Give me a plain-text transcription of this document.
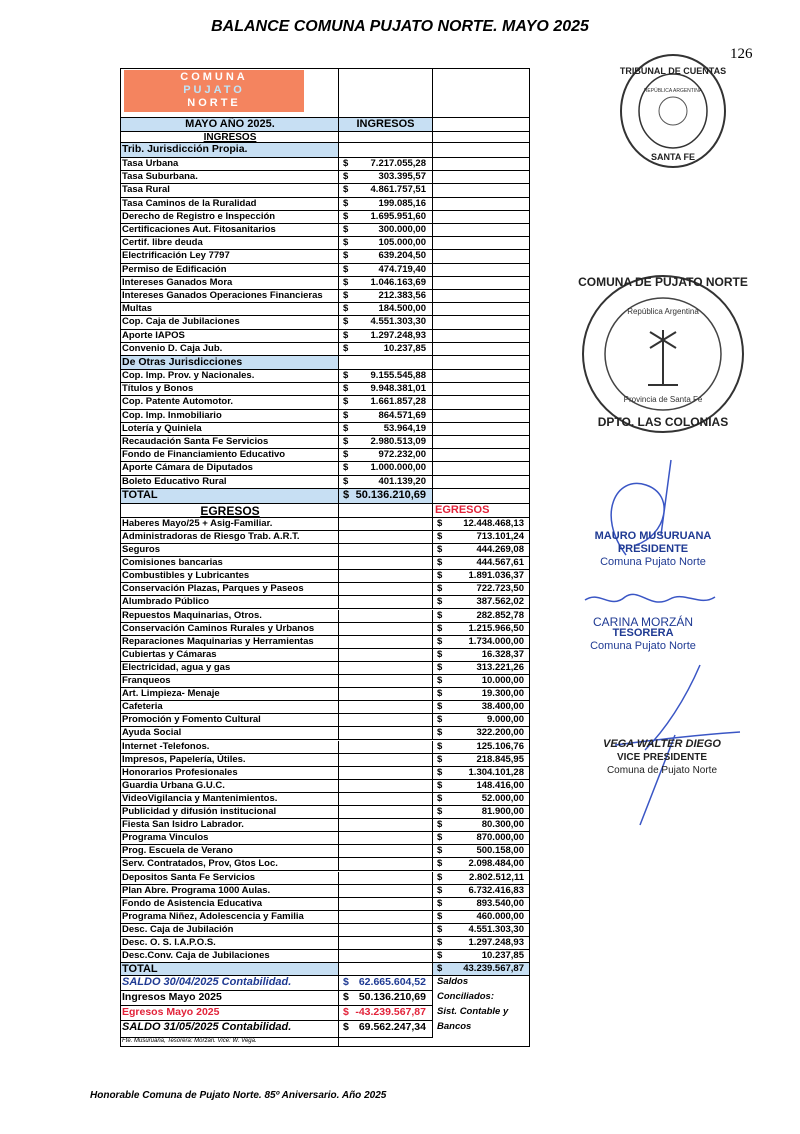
BALANCE COMUNA PUJATO NORTE. MAYO 2025
126
COMUNA
PUJATO
NORTE
MAYO AÑO 2025.	INGRESOS
INGRESOS
Trib. Jurisdicción Propia.
Tasa Urbana	$ 7.217.055,28
Tasa Suburbana.	$	303.395,57
Tasa Rural	$ 4.861.757,51
Tasa Caminos de la Ruralidad	$	199.085,16
Derecho de Registro e Inspección	$ 1.695.951,60
Certificaciones Aut. Fitosanitarios	$	300.000,00
Certif. libre deuda	$	105.000,00
Electrificación Ley 7797	$	639.204,50
Permiso de Edificación	$	474.719,40
Intereses Ganados Mora	$ 1.046.163,69
Intereses Ganados Operaciones Financieras	$	212.383,56
Multas	$	184.500,00
Cop. Caja de Jubilaciones	$ 4.551.303,30
Aporte IAPOS	$ 1.297.248,93
Convenio D. Caja Jub.	$	10.237,85
De Otras Jurisdicciones
Cop. Imp. Prov. y Nacionales.	$ 9.155.545,88
Títulos y Bonos	$ 9.948.381,01
Cop. Patente Automotor.	$ 1.661.857,28
Cop. Imp. Inmobiliario	$	864.571,69
Lotería y Quiniela	$	53.964,19
Recaudación Santa Fe Servicios	$ 2.980.513,09
Fondo de Financiamiento Educativo	$	972.232,00
Aporte Cámara de Diputados	$ 1.000.000,00
Boleto Educativo Rural	$	401.139,20
TOTAL	$ 50.136.210,69
EGRESOS	EGRESOS
Haberes Mayo/25 + Asig-Familiar.	$ 12.448.468,13
Administradoras de Riesgo Trab. A.R.T.	$	713.101,24
Seguros	$	444.269,08
Comisiones bancarias	$	444.567,61
Combustibles y Lubricantes	$	1.891.036,37
Conservación Plazas, Parques y Paseos	$	722.723,50
Alumbrado Público	$	387.562,02
Repuestos Maquinarias, Otros.	$	282.852,78
Conservación Caminos Rurales y Urbanos	$	1.215.966,50
Reparaciones Maquinarias y Herramientas	$	1.734.000,00
Cubiertas y Cámaras	$	16.328,37
Electricidad, agua y gas	$	313.221,26
Franqueos	$	10.000,00
Art. Limpieza- Menaje	$	19.300,00
Cafeteria	$	38.400,00
Promoción y Fomento Cultural	$	9.000,00
Ayuda Social	$	322.200,00
Internet -Telefonos.	$	125.106,76
Impresos, Papelería, Útiles.	$	218.845,95
Honorarios Profesionales	$	1.304.101,28
Guardia Urbana G.U.C.	$	148.416,00
VideoVigilancia y Mantenimientos.	$	52.000,00
Publicidad y difusión institucional	$	81.900,00
Fiesta San Isidro Labrador.	$	80.300,00
Programa Vinculos	$	870.000,00
Prog. Escuela de Verano	$	500.158,00
Serv. Contratados, Prov, Gtos Loc.	$	2.098.484,00
Depositos Santa Fe Servicios	$	2.802.512,11
Plan Abre. Programa 1000 Aulas.	$	6.732.416,83
Fondo de Asistencia Educativa	$	893.540,00
Programa Niñez, Adolescencia y Familia	$	460.000,00
Desc. Caja de Jubilación	$	4.551.303,30
Desc. O. S. I.A.P.O.S.	$	1.297.248,93
Desc.Conv. Caja de Jubilaciones	$	10.237,85
TOTAL	$ 43.239.567,87
SALDO 30/04/2025 Contabilidad.	$ 62.665.604,52	Saldos
Ingresos Mayo 2025	$ 50.136.210,69	Conciliados:
Egresos Mayo 2025	$ -43.239.567,87	Sist. Contable y
SALDO 31/05/2025 Contabilidad.	$ 69.562.247,34	Bancos
Fte. Musuruana, Tesorera: Morzán. Vice: W. Vega.
TRIBUNAL DE CUENTAS
REPÚBLICA ARGENTINA
SANTA FE
COMUNA DE PUJATO NORTE
República Argentina
Provincia de Santa Fe
DPTO. LAS COLONIAS
MAURO MUSURUANA
PRESIDENTE
Comuna Pujato Norte
CARINA MORZÁN
TESORERA
Comuna Pujato Norte
VEGA WALTER DIEGO
VICE PRESIDENTE
Comuna de Pujato Norte
Honorable Comuna de Pujato Norte. 85º Aniversario. Año 2025
